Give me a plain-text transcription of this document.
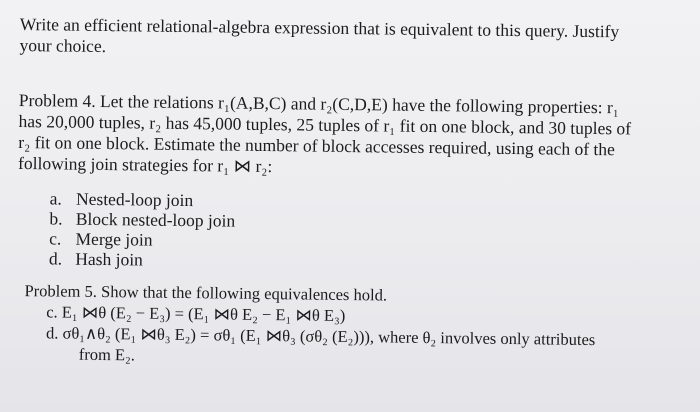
Write an efficient relational-algebra expression that is equivalent to this query. Justify
your choice.
Problem 4. Let the relations r₁(A,B,C) and r₂(C,D,E) have the following properties: r₁
has 20,000 tuples, r₂ has 45,000 tuples, 25 tuples of r₁ fit on one block, and 30 tuples of
r₂ fit on one block. Estimate the number of block accesses required, using each of the
following join strategies for r₁ ⋈ r₂:
a. Nested-loop join
b. Block nested-loop join
c. Merge join
d. Hash join
Problem 5. Show that the following equivalences hold.
c. E₁ ⋈θ (E₂ − E₃) = (E₁ ⋈θ E₂ − E₁ ⋈θ E₃)
d. σθ₁∧θ₂ (E₁ ⋈θ₃ E₂) = σθ₁ (E₁ ⋈θ₃ (σθ₂ (E₂))), where θ₂ involves only attributes
from E₂.
